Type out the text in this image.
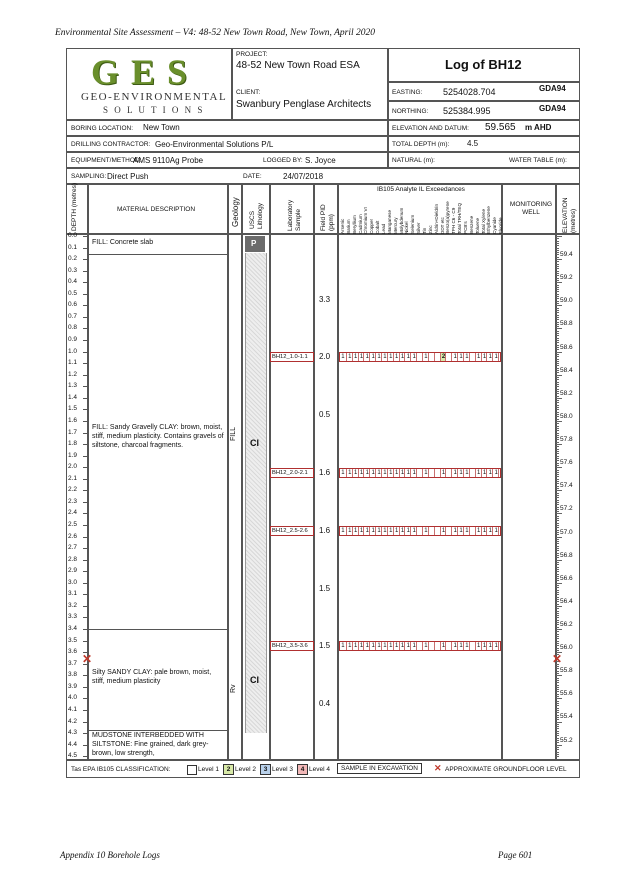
Environmental Site Assessment – V4: 48-52 New Town Road, New Town, April 2020
GES
GEO-ENVIRONMENTAL
S O L U T I O N S
PROJECT:
48-52 New Town Road ESA
CLIENT:
Swanbury Penglase Architects
Log of BH12
EASTING: 5254028.704	GDA94
NORTHING: 525384.995	GDA94
BORING LOCATION: New Town	ELEVATION AND DATUM: 59.565 m AHD
DRILLING CONTRACTOR: Geo-Environmental Solutions P/L	TOTAL DEPTH (m): 4.5
EQUIPMENT/METHOD:
AMS 9110Ag Probe	LOGGED BY: S. Joyce	NATURAL (m):	WATER TABLE (m):
SAMPLING: Direct Push	DATE:	24/07/2018
DEPTH (metres)	MATERIAL DESCRIPTION	Geology USCS Lithology	Laboratory Sample	Field PID (ppm)
IB105 Analyte IL Exceedances
Arsenic Barium Beryllium Cadmium Chromium VI Copper Cobalt Lead Manganese Mercury Molybdenum Nickel Selenium Silver Tin Zinc Aldrin+Dieldrin DDT etc Benzo(a)pyrene TPH C6 - C9 Total TRH/TEQ PCB's Benzene Toluene Total Xylene Ethylbenzene Cyanide Fluoride
MONITORING WELL	ELEVATION (metres)
P
CI
CI
FILL
Rv
FILL: Concrete slab
FILL: Sandy Gravelly CLAY: brown, moist, stiff, medium plasticity. Contains gravels of siltstone, charcoal fragments.
Silty SANDY CLAY: pale brown, moist, stiff, medium plasticity
MUDSTONE INTERBEDDED WITH SILTSTONE: Fine grained, dark grey-brown, low strength,
0.0
0.1
0.2
0.3
0.4
0.5
0.6
0.7
0.8
0.9
1.0
1.1
1.2
1.3
1.4
1.5
1.6
1.7
1.8
1.9
2.0
2.1
2.2
2.3
2.4
2.5
2.6
2.7
2.8
2.9
3.0
3.1
3.2
3.3
3.4
3.5
3.6
3.7
3.8
3.9
4.0
4.1
4.2
4.3
4.4
4.5
59.4
59.2
59.0
58.8
58.6
58.4
58.2
58.0
57.8
57.6
57.4
57.2
57.0
56.8
56.6
56.4
56.2
56.0
55.8
55.6
55.4
55.2
BH12_1.0-1.1	2.0 1 1 1 1 1 1 1 1 1 1 1 1 1	1	2	1 1 1	1 1 1 1
BH12_2.0-2.1	1.6 1 1 1 1 1 1 1 1 1 1 1 1 1	1	1	1 1 1	1 1 1 1
BH12_2.5-2.6	1.6 1 1 1 1 1 1 1 1 1 1 1 1 1	1	1	1 1 1	1 1 1 1
BH12_3.5-3.6	1.5 1 1 1 1 1 1 1 1 1 1 1 1 1	1	1	1 1 1	1 1 1 1
3.3
0.5
1.5
0.4
✕	✕
Tas EPA IB105 CLASSIFICATION:	Level 1	2 Level 2	3 Level 3	4 Level 4	SAMPLE IN EXCAVATION	✕ APPROXIMATE GROUNDFLOOR LEVEL
Appendix 10 Borehole Logs	Page 601
